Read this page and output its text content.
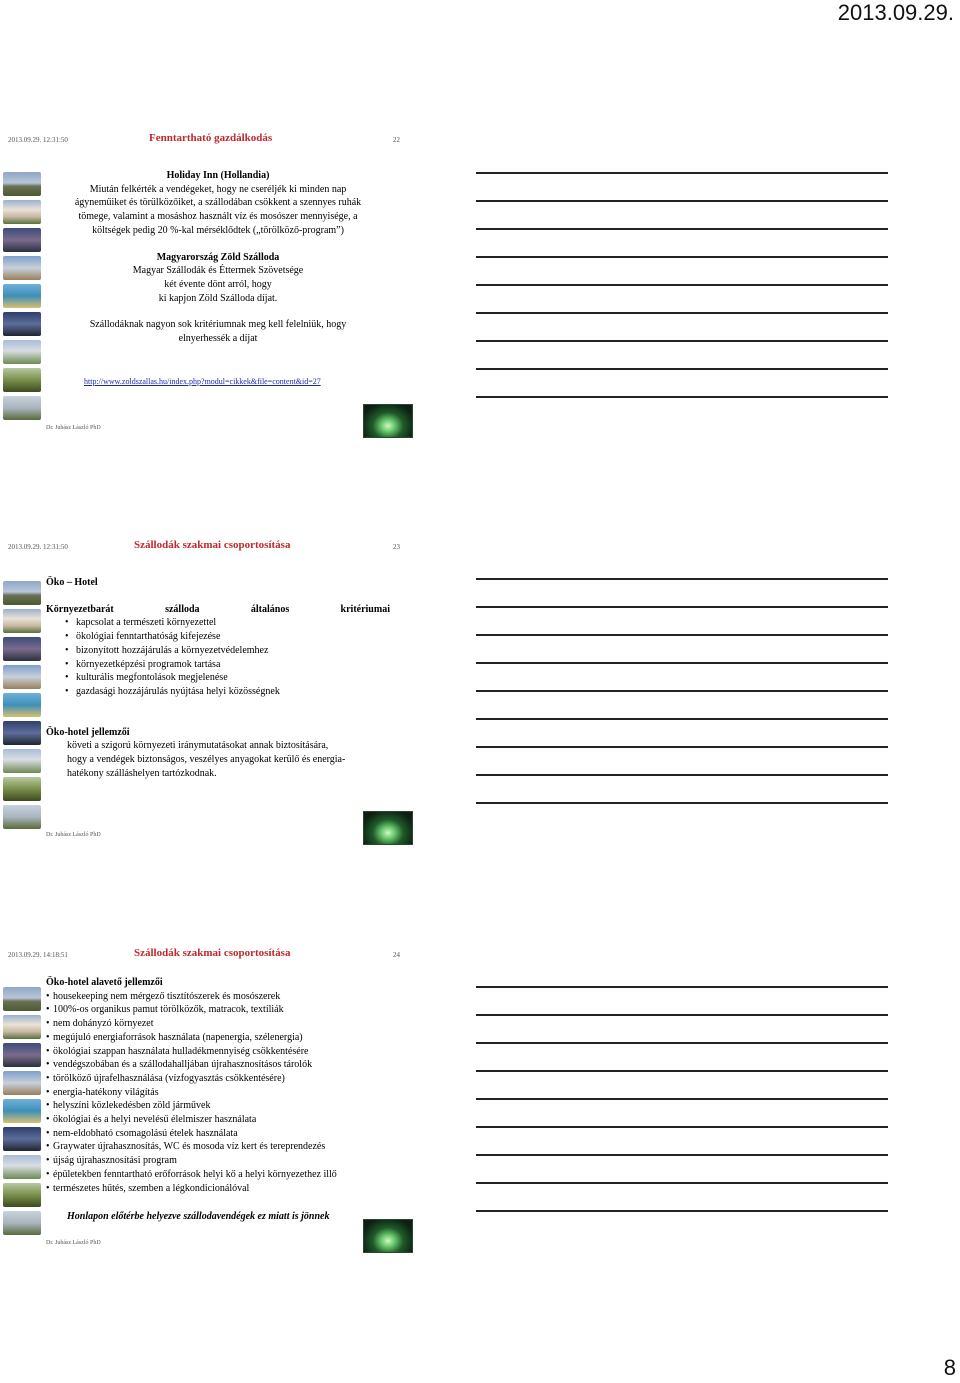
2013.09.29.
2013.09.29. 12:31:50	Fenntartható gazdálkodás	22
Holiday Inn (Hollandia)
Miután felkérték a vendégeket, hogy ne cseréljék ki minden nap
ágyneműiket és törülközőiket, a szállodában csökkent a szennyes ruhák
tömege, valamint a mosáshoz használt víz és mosószer mennyisége, a
költségek pedig 20 %-kal mérséklődtek („törölköző-program”)
Magyarország Zöld Szálloda
Magyar Szállodák és Éttermek Szövetsége
két évente dönt arról, hogy
ki kapjon Zöld Szálloda díjat.
Szállodáknak nagyon sok kritériumnak meg kell felelniük, hogy
elnyerhessék a díjat
http://www.zoldszallas.hu/index.php?modul=cikkek&file=content&id=27
Dr. Juhász László PhD
2013.09.29. 12:31:50	Szállodák szakmai csoportosítása	23
Öko – Hotel
Környezetbarát	szálloda	általános	kritériumai
• kapcsolat a természeti környezettel
• ökológiai fenntarthatóság kifejezése
• bizonyított hozzájárulás a környezetvédelemhez
• környezetképzési programok tartása
• kulturális megfontolások megjelenése
• gazdasági hozzájárulás nyújtása helyi közösségnek
Öko-hotel jellemzői
követi a szigorú környezeti iránymutatásokat annak biztosítására,
hogy a vendégek biztonságos, veszélyes anyagokat kerülő és energia-
hatékony szálláshelyen tartózkodnak.
Dr. Juhász László PhD
2013.09.29. 14:18:51	Szállodák szakmai csoportosítása	24
Öko-hotel alavető jellemzői
• housekeeping nem mérgező tisztítószerek és mosószerek
• 100%-os organikus pamut törölközők, matracok, textíliák
• nem dohányzó környezet
• megújuló energiaforrások használata (napenergia, szélenergia)
• ökológiai szappan használata hulladékmennyiség csökkentésére
• vendégszobában és a szállodahalljában újrahasznosításos tárolók
• törölköző újrafelhasználása (vízfogyasztás csökkentésére)
• energia-hatékony világítás
• helyszíni közlekedésben zöld járművek
• ökológiai és a helyi nevelésű élelmiszer használata
• nem-eldobható csomagolású ételek használata
• Graywater újrahasznosítás, WC és mosoda víz kert és tereprendezés
• újság újrahasznosítási program
• épületekben fenntartható erőforrások helyi kő a helyi környezethez illő
• természetes hűtés, szemben a légkondicionálóval
Honlapon előtérbe helyezve szállodavendégek ez miatt is jönnek
Dr. Juhász László PhD
8
